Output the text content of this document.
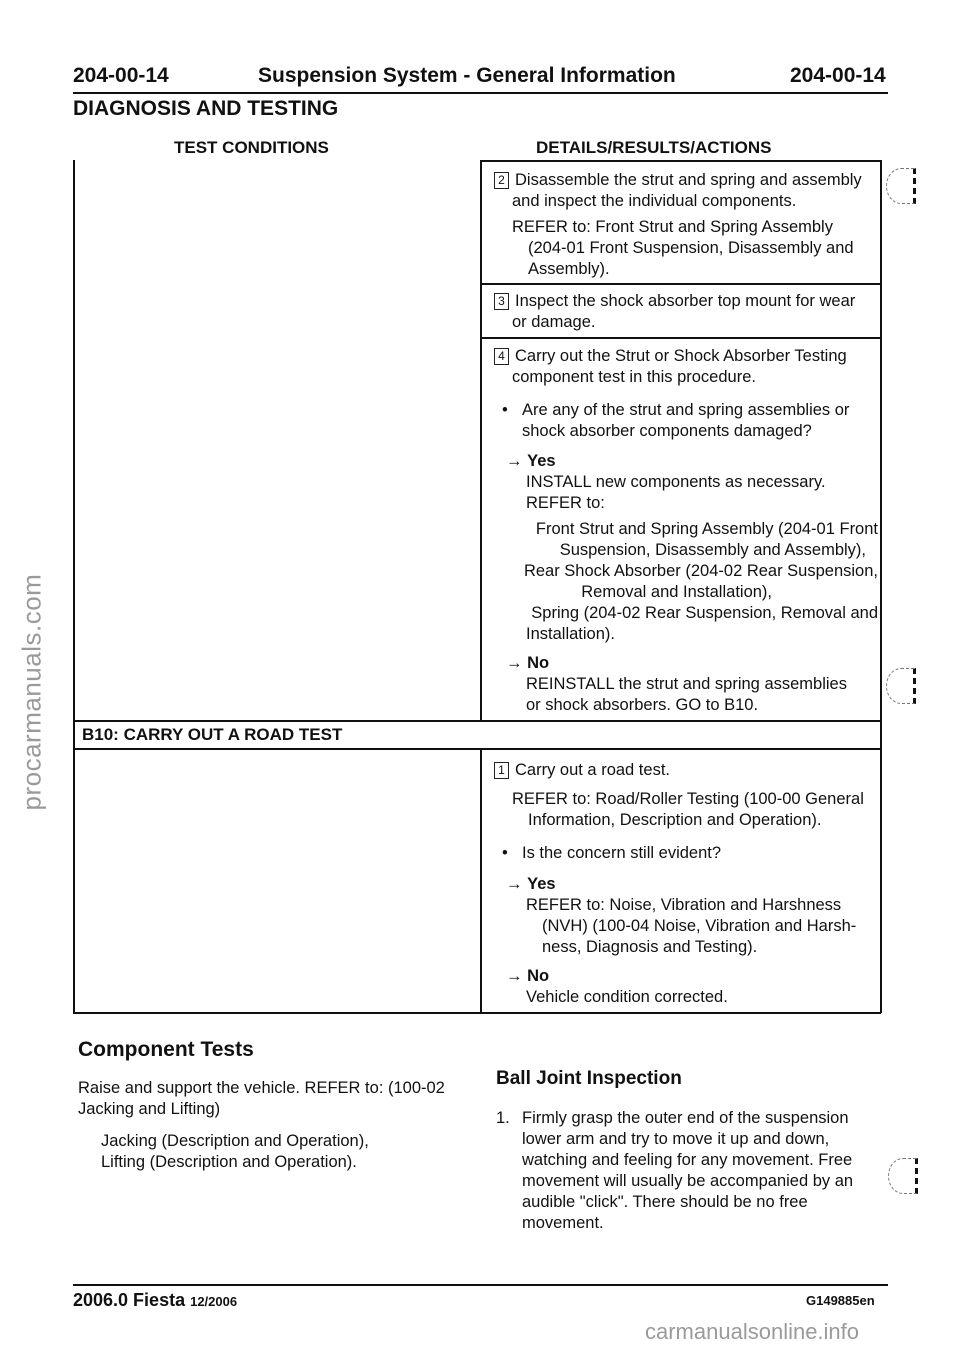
procarmanuals.com
204-00-14	Suspension System - General Information	204-00-14
DIAGNOSIS AND TESTING
TEST CONDITIONS	DETAILS/RESULTS/ACTIONS
2 Disassemble the strut and spring and assembly
and inspect the individual components.
REFER to: Front Strut and Spring Assembly
(204-01 Front Suspension, Disassembly and
Assembly).
3 Inspect the shock absorber top mount for wear
or damage.
4 Carry out the Strut or Shock Absorber Testing
component test in this procedure.
• Are any of the strut and spring assemblies or
shock absorber components damaged?
→ Yes
INSTALL new components as necessary.
REFER to:
Front Strut and Spring Assembly (204-01 Front
Suspension, Disassembly and Assembly),
Rear Shock Absorber (204-02 Rear Suspension,
Removal and Installation),
Spring (204-02 Rear Suspension, Removal and
Installation).
→ No
REINSTALL the strut and spring assemblies
or shock absorbers. GO to B10.
B10: CARRY OUT A ROAD TEST
1 Carry out a road test.
REFER to: Road/Roller Testing (100-00 General
Information, Description and Operation).
• Is the concern still evident?
→ Yes
REFER to: Noise, Vibration and Harshness
(NVH) (100-04 Noise, Vibration and Harsh-
ness, Diagnosis and Testing).
→ No
Vehicle condition corrected.
Component Tests
Raise and support the vehicle. REFER to: (100-02
Jacking and Lifting)
Jacking (Description and Operation),
Lifting (Description and Operation).
Ball Joint Inspection
1. Firmly grasp the outer end of the suspension
lower arm and try to move it up and down,
watching and feeling for any movement. Free
movement will usually be accompanied by an
audible "click". There should be no free
movement.
2006.0 Fiesta 12/2006	G149885en
carmanualsonline.info
